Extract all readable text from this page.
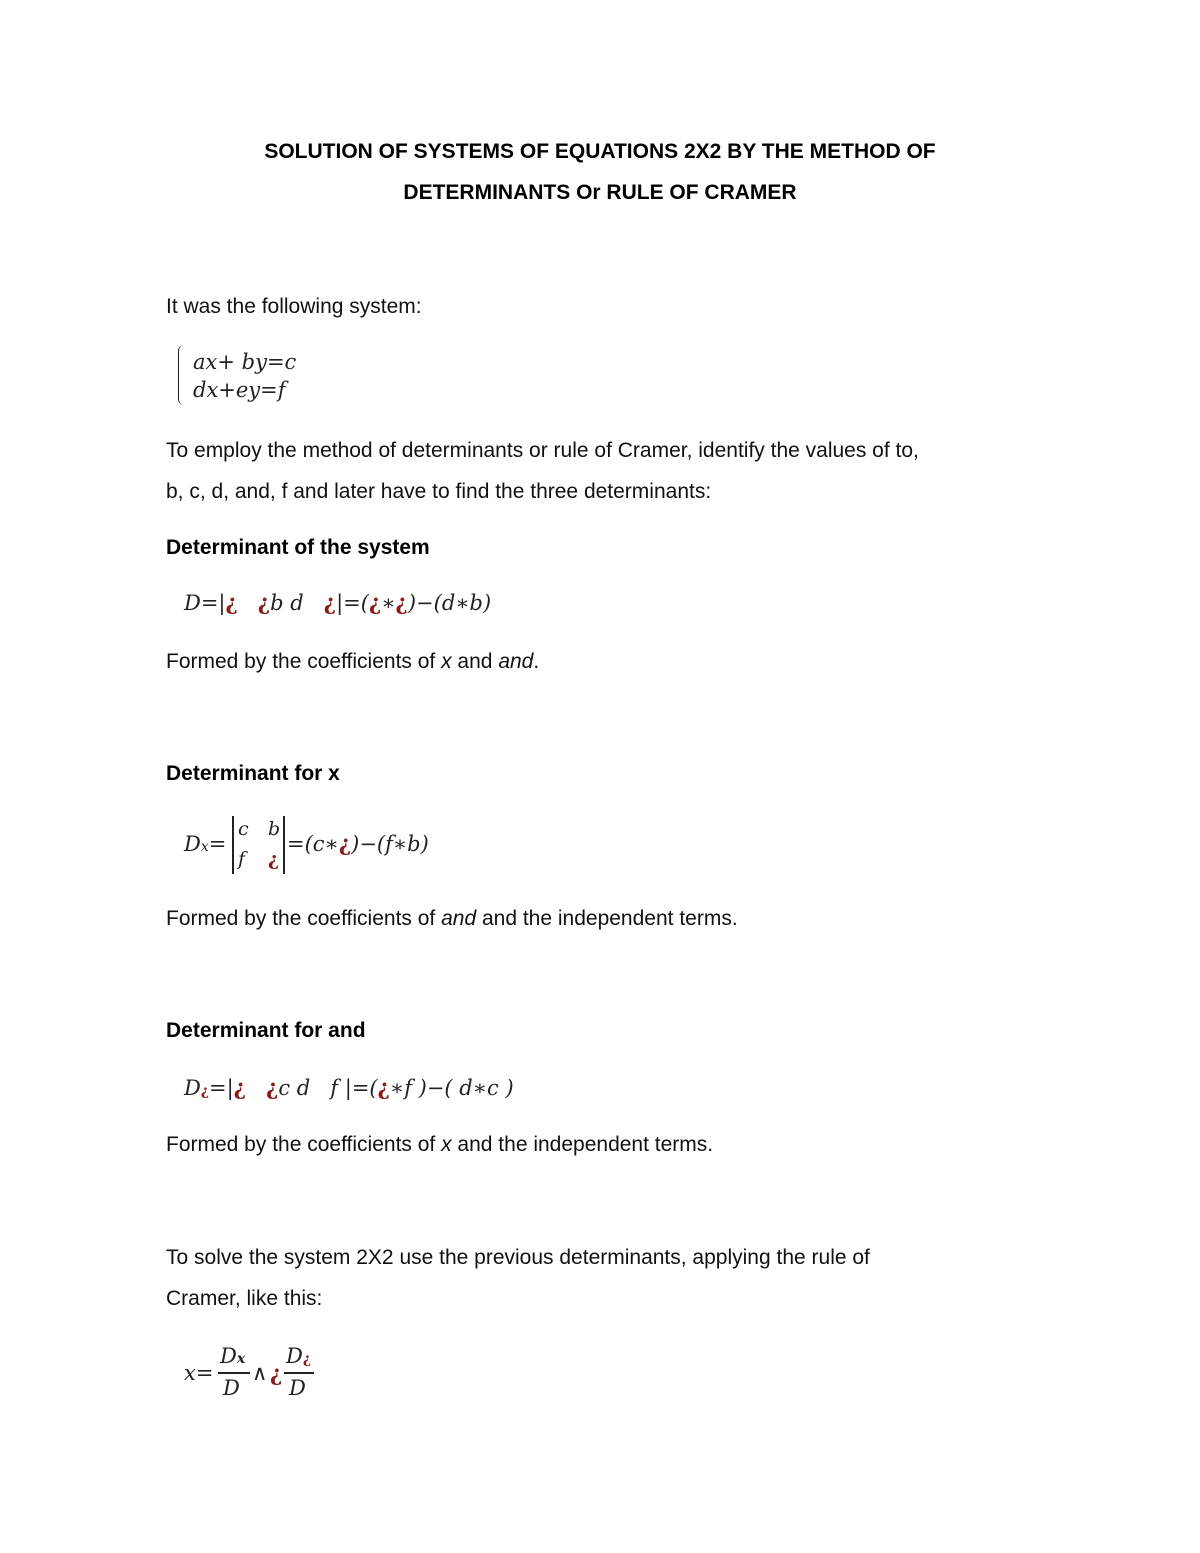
SOLUTION OF SYSTEMS OF EQUATIONS 2X2 BY THE METHOD OF
DETERMINANTS Or RULE OF CRAMER
It was the following system:
ax+ by=c
dx+ey=f
To employ the method of determinants or rule of Cramer, identify the values of to,
b, c, d, and, f and later have to find the three determinants:
Determinant of the system
D=|¿ ¿b d ¿|=(¿∗¿)−(d∗b)
Formed by the coefficients of x and and.
Determinant for x
Dx=
c b
f ¿
=(c∗¿)−(f∗b)
Formed by the coefficients of and and the independent terms.
Determinant for and
D¿=|¿ ¿c d f |=(¿∗f )−( d∗c )
Formed by the coefficients of x and the independent terms.
To solve the system 2X2 use the previous determinants, applying the rule of
Cramer, like this:
x=
Dx
D
∧ ¿
D¿
D
